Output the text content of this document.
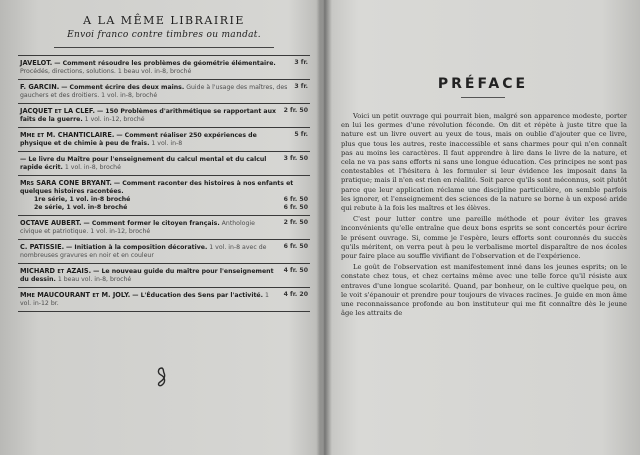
A LA MÊME LIBRAIRIE
Envoi franco contre timbres ou mandat.
3 fr.
JAVELOT. — Comment résoudre les problèmes de géométrie élémentaire. Procédés, directions, solutions. 1 beau vol. in-8, broché
3 fr.
F. GARCIN. — Comment écrire des deux mains. Guide à l'usage des maîtres, des gauchers et des droitiers. 1 vol. in-8, broché
2 fr. 50
JACQUET et LA CLEF. — 150 Problèmes d'arithmétique se rapportant aux faits de la guerre. 1 vol. in-12, broché
5 fr.
Mme et M. CHANTICLAIRE. — Comment réaliser 250 expériences de physique et de chimie à peu de frais. 1 vol. in-8
3 fr. 50
— Le livre du Maître pour l'enseignement du calcul mental et du calcul rapide écrit. 1 vol. in-8, broché
Mrs SARA CONE BRYANT. — Comment raconter des histoires à nos enfants et quelques histoires racontées.
6 fr. 50
1re série, 1 vol. in-8 broché
6 fr. 50
2e série, 1 vol. in-8 broché
2 fr. 50
OCTAVE AUBERT. — Comment former le citoyen français. Anthologie civique et patriotique. 1 vol. in-12, broché
6 fr. 50
C. PATISSIE. — Initiation à la composition décorative. 1 vol. in-8 avec de nombreuses gravures en noir et en couleur
4 fr. 50
MICHARD et AZAIS. — Le nouveau guide du maître pour l'enseignement du dessin. 1 beau vol. in-8, broché
4 fr. 20
Mme MAUCOURANT et M. JOLY. — L'Éducation des Sens par l'activité. 1 vol. in-12 br.
PRÉFACE

Voici un petit ouvrage qui pourrait bien, malgré son apparence modeste, porter en lui les germes d'une révolution féconde. On dit et répète à juste titre que la nature est un livre ouvert au yeux de tous, mais on oublie d'ajouter que ce livre, plus que tous les autres, reste inaccessible et sans charmes pour qui n'en connaît pas au moins les caractères. Il faut apprendre à lire dans le livre de la nature, et cela ne va pas sans efforts ni sans une longue éducation. Ces principes ne sont pas contestables et l'hésitera à les formuler si leur évidence les imposait dans la pratique; mais il n'en est rien en réalité. Soit parce qu'ils sont méconnus, soit plutôt parce que leur application réclame une discipline particulière, on semble parfois les ignorer, et l'enseignement des sciences de la nature se borne à un exposé aride qui rebute à la fois les maîtres et les élèves.

C'est pour lutter contre une pareille méthode et pour éviter les graves inconvénients qu'elle entraîne que deux bons esprits se sont concertés pour écrire le présent ouvrage. Si, comme je l'espère, leurs efforts sont couronnés du succès qu'ils méritent, on verra peut à peu le verbalisme mortel disparaître de nos écoles pour faire place au souffle vivifiant de l'observation et de l'expérience.

Le goût de l'observation est manifestement inné dans les jeunes esprits; on le constate chez tous, et chez certains même avec une telle force qu'il résiste aux entraves d'une longue scolarité. Quand, par bonheur, on le cultive quelque peu, on le voit s'épanouir et prendre pour toujours de vivaces racines. Je guide en mon âme une reconnaissance profonde au bon instituteur qui me fit connaître dès le jeune âge les attraits de
